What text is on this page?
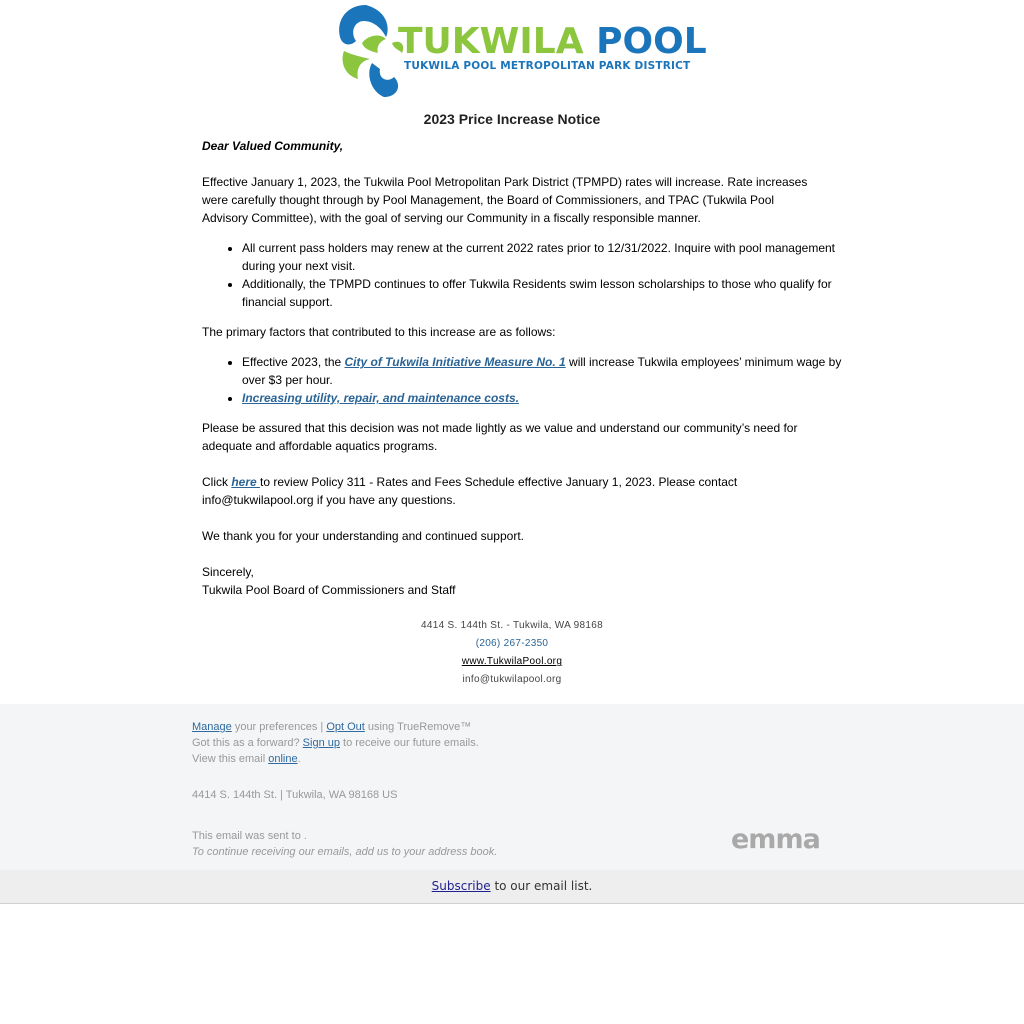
TUKWILA POOL
TUKWILA POOL METROPOLITAN PARK DISTRICT
2023 Price Increase Notice

Dear Valued Community,

Effective January 1, 2023, the Tukwila Pool Metropolitan Park District (TPMPD) rates will increase. Rate increases were carefully thought through by Pool Management, the Board of Commissioners, and TPAC (Tukwila Pool Advisory Committee), with the goal of serving our Community in a fiscally responsible manner.

• All current pass holders may renew at the current 2022 rates prior to 12/31/2022. Inquire with pool management during your next visit.
• Additionally, the TPMPD continues to offer Tukwila Residents swim lesson scholarships to those who qualify for financial support.

The primary factors that contributed to this increase are as follows:

• Effective 2023, the City of Tukwila Initiative Measure No. 1 will increase Tukwila employees’ minimum wage by over $3 per hour.
• Increasing utility, repair, and maintenance costs.

Please be assured that this decision was not made lightly as we value and understand our community’s need for adequate and affordable aquatics programs.

Click here to review Policy 311 - Rates and Fees Schedule effective January 1, 2023. Please contact info@tukwilapool.org if you have any questions.

We thank you for your understanding and continued support.

Sincerely,

Tukwila Pool Board of Commissioners and Staff

4414 S. 144th St. - Tukwila, WA 98168
(206) 267-2350
www.TukwilaPool.org
info@tukwilapool.org
Manage your preferences | Opt Out using TrueRemove™
Got this as a forward? Sign up to receive our future emails.
View this email online.
4414 S. 144th St. | Tukwila, WA 98168 US
This email was sent to .
To continue receiving our emails, add us to your address book.	emma
Subscribe to our email list.
